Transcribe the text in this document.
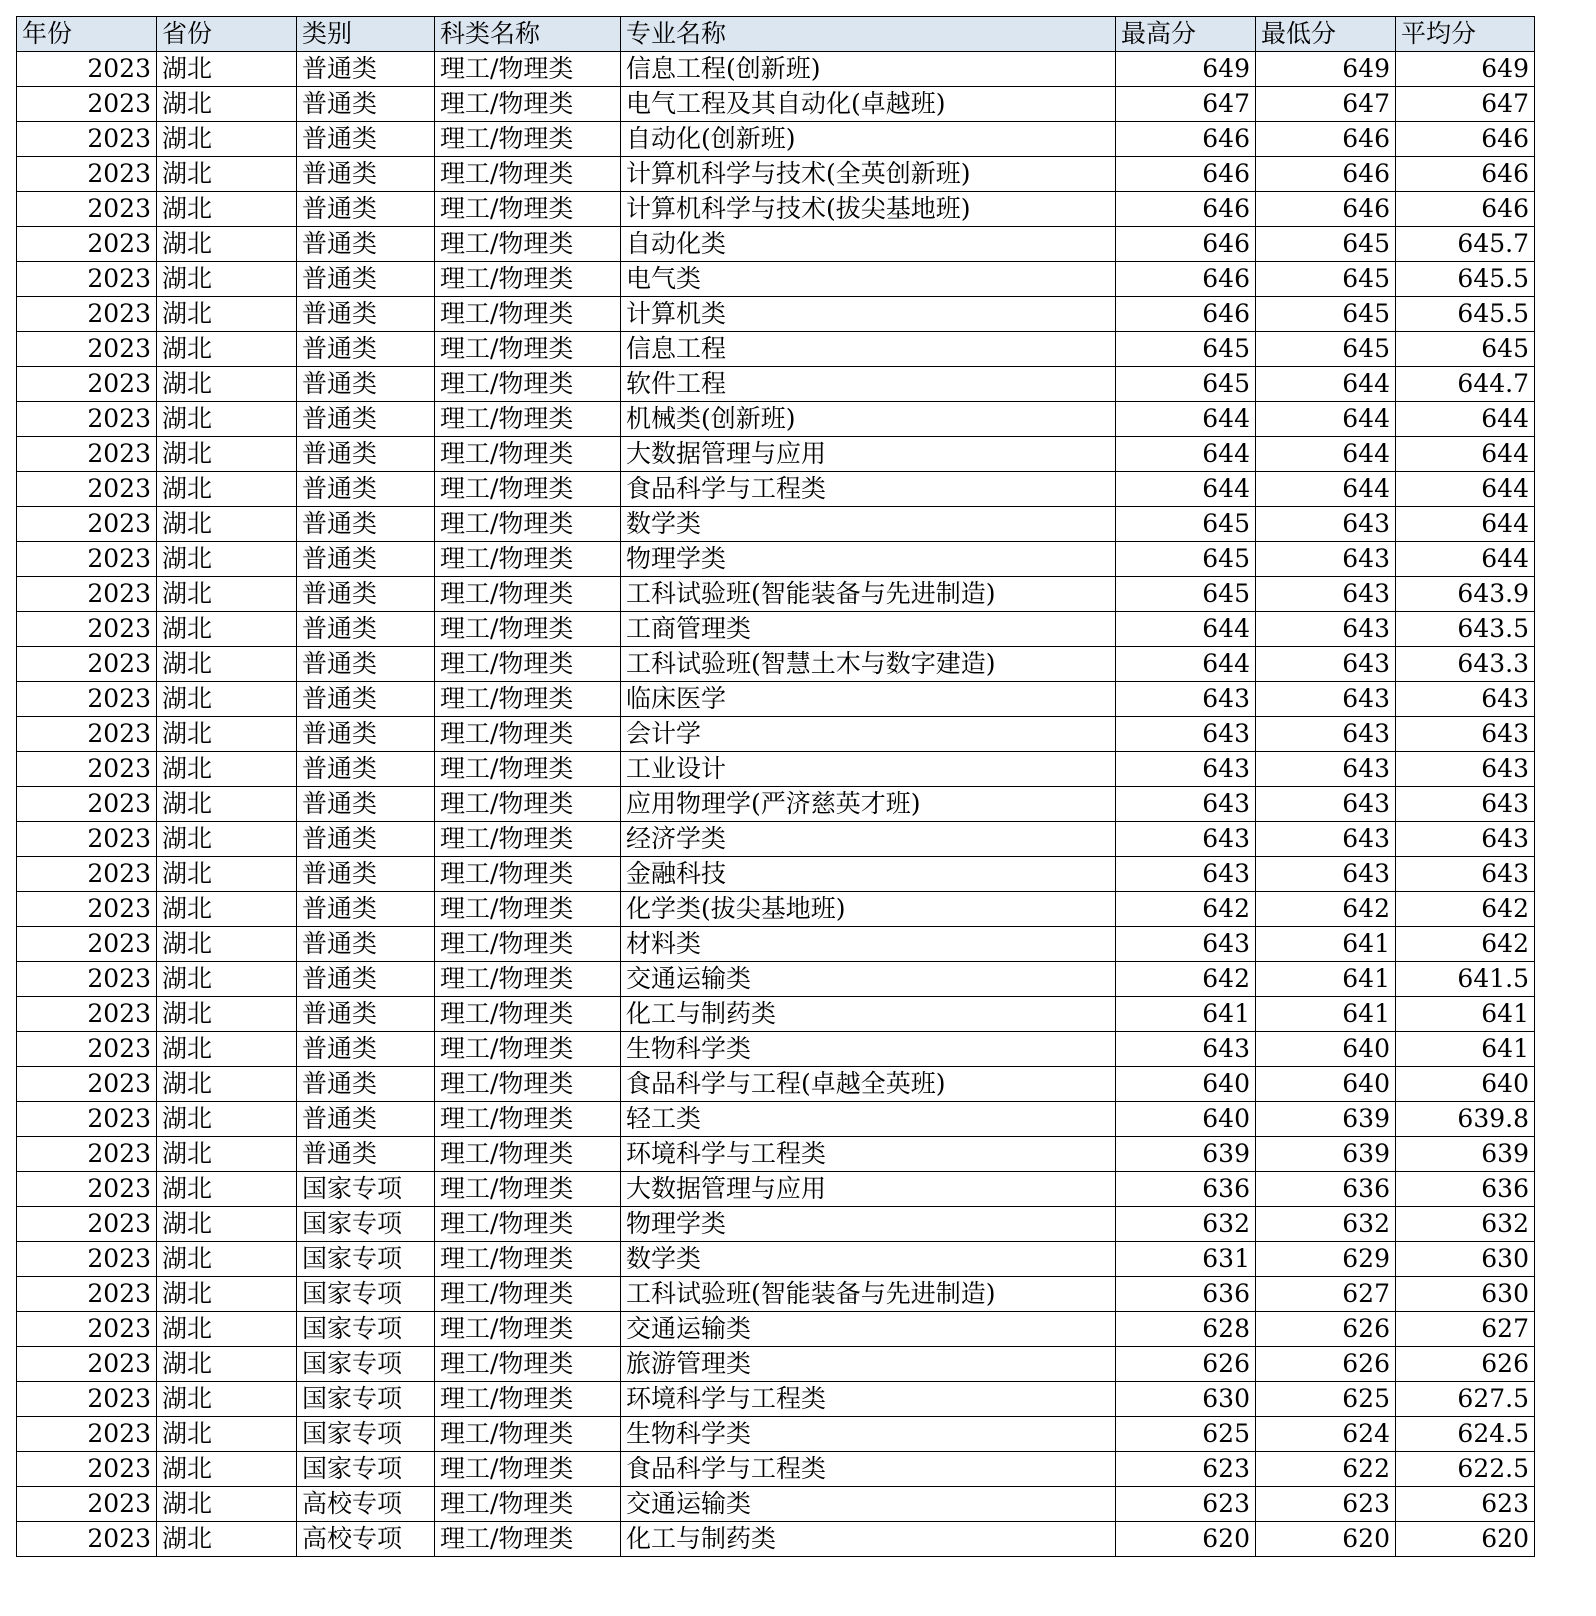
年份	省份	类别	科类名称	专业名称	最高分	最低分	平均分
2023	湖北	普通类	理工/物理类	信息工程(创新班)	649	649	649
2023	湖北	普通类	理工/物理类	电气工程及其自动化(卓越班)	647	647	647
2023	湖北	普通类	理工/物理类	自动化(创新班)	646	646	646
2023	湖北	普通类	理工/物理类	计算机科学与技术(全英创新班)	646	646	646
2023	湖北	普通类	理工/物理类	计算机科学与技术(拔尖基地班)	646	646	646
2023	湖北	普通类	理工/物理类	自动化类	646	645	645.7
2023	湖北	普通类	理工/物理类	电气类	646	645	645.5
2023	湖北	普通类	理工/物理类	计算机类	646	645	645.5
2023	湖北	普通类	理工/物理类	信息工程	645	645	645
2023	湖北	普通类	理工/物理类	软件工程	645	644	644.7
2023	湖北	普通类	理工/物理类	机械类(创新班)	644	644	644
2023	湖北	普通类	理工/物理类	大数据管理与应用	644	644	644
2023	湖北	普通类	理工/物理类	食品科学与工程类	644	644	644
2023	湖北	普通类	理工/物理类	数学类	645	643	644
2023	湖北	普通类	理工/物理类	物理学类	645	643	644
2023	湖北	普通类	理工/物理类	工科试验班(智能装备与先进制造)	645	643	643.9
2023	湖北	普通类	理工/物理类	工商管理类	644	643	643.5
2023	湖北	普通类	理工/物理类	工科试验班(智慧土木与数字建造)	644	643	643.3
2023	湖北	普通类	理工/物理类	临床医学	643	643	643
2023	湖北	普通类	理工/物理类	会计学	643	643	643
2023	湖北	普通类	理工/物理类	工业设计	643	643	643
2023	湖北	普通类	理工/物理类	应用物理学(严济慈英才班)	643	643	643
2023	湖北	普通类	理工/物理类	经济学类	643	643	643
2023	湖北	普通类	理工/物理类	金融科技	643	643	643
2023	湖北	普通类	理工/物理类	化学类(拔尖基地班)	642	642	642
2023	湖北	普通类	理工/物理类	材料类	643	641	642
2023	湖北	普通类	理工/物理类	交通运输类	642	641	641.5
2023	湖北	普通类	理工/物理类	化工与制药类	641	641	641
2023	湖北	普通类	理工/物理类	生物科学类	643	640	641
2023	湖北	普通类	理工/物理类	食品科学与工程(卓越全英班)	640	640	640
2023	湖北	普通类	理工/物理类	轻工类	640	639	639.8
2023	湖北	普通类	理工/物理类	环境科学与工程类	639	639	639
2023	湖北	国家专项	理工/物理类	大数据管理与应用	636	636	636
2023	湖北	国家专项	理工/物理类	物理学类	632	632	632
2023	湖北	国家专项	理工/物理类	数学类	631	629	630
2023	湖北	国家专项	理工/物理类	工科试验班(智能装备与先进制造)	636	627	630
2023	湖北	国家专项	理工/物理类	交通运输类	628	626	627
2023	湖北	国家专项	理工/物理类	旅游管理类	626	626	626
2023	湖北	国家专项	理工/物理类	环境科学与工程类	630	625	627.5
2023	湖北	国家专项	理工/物理类	生物科学类	625	624	624.5
2023	湖北	国家专项	理工/物理类	食品科学与工程类	623	622	622.5
2023	湖北	高校专项	理工/物理类	交通运输类	623	623	623
2023	湖北	高校专项	理工/物理类	化工与制药类	620	620	620
